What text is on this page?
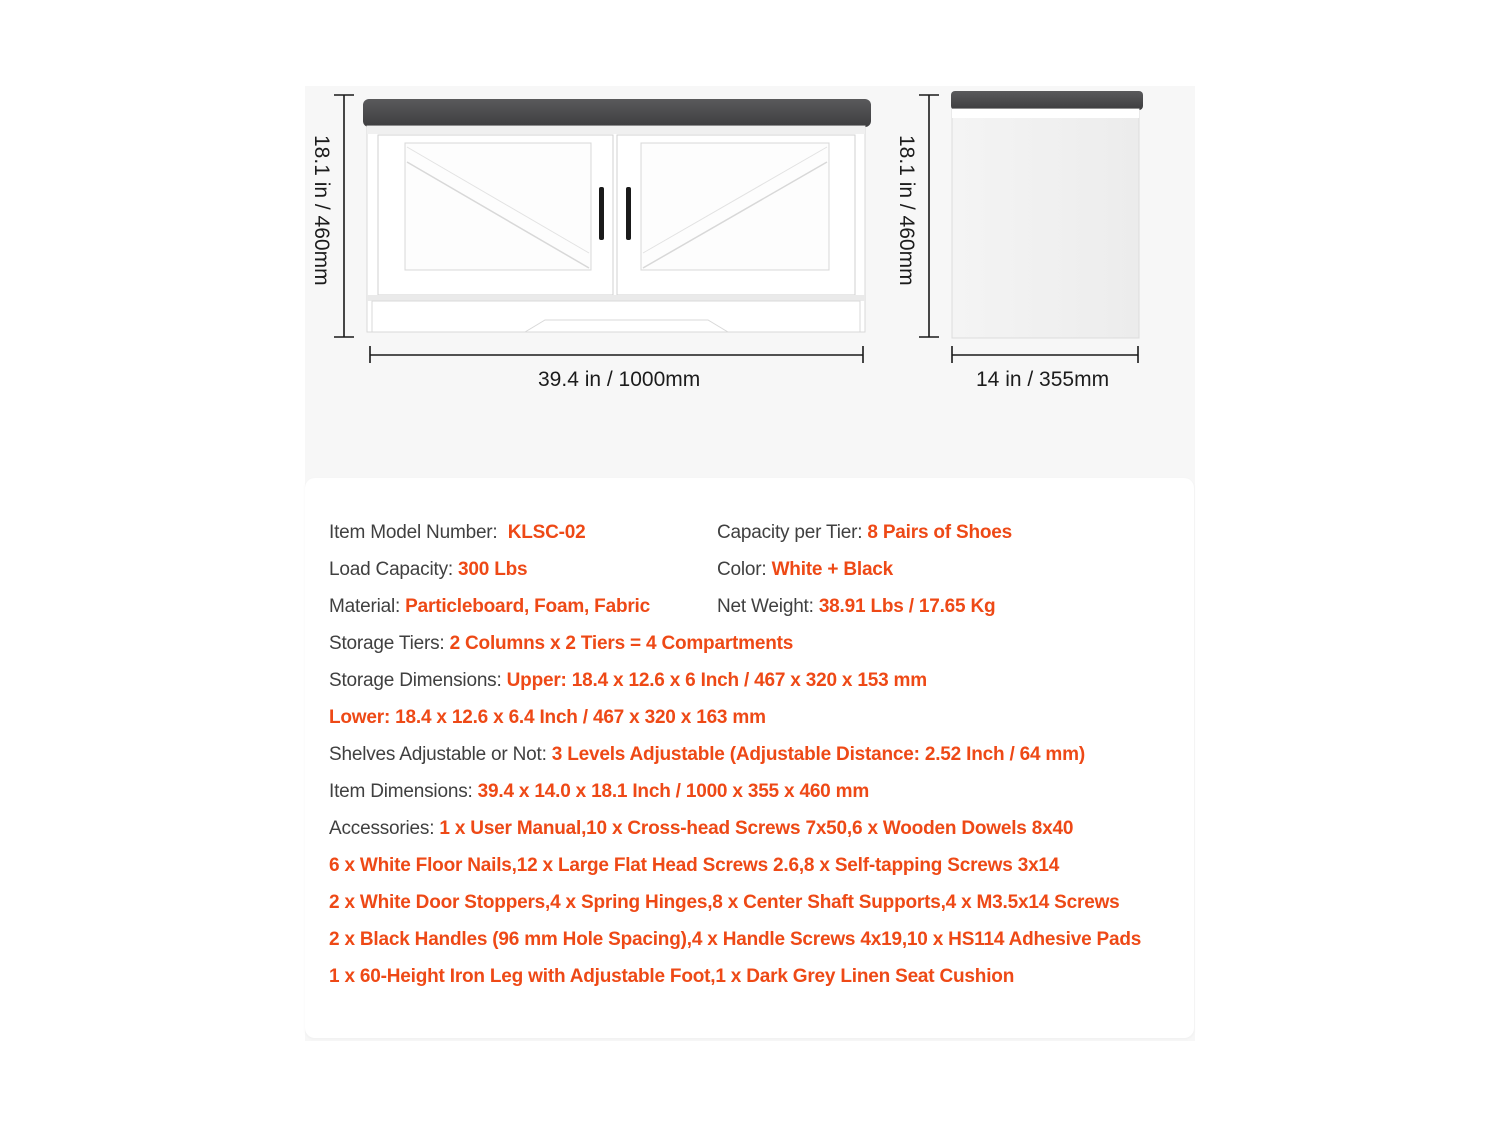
18.1 in / 460mm
39.4 in / 1000mm
18.1 in / 460mm
14 in / 355mm
Item Model Number: KLSC-02	Capacity per Tier: 8 Pairs of Shoes
Load Capacity: 300 Lbs	Color: White + Black
Material: Particleboard, Foam, Fabric	Net Weight: 38.91 Lbs / 17.65 Kg
Storage Tiers: 2 Columns x 2 Tiers = 4 Compartments
Storage Dimensions: Upper: 18.4 x 12.6 x 6 Inch / 467 x 320 x 153 mm
Lower: 18.4 x 12.6 x 6.4 Inch / 467 x 320 x 163 mm
Shelves Adjustable or Not: 3 Levels Adjustable (Adjustable Distance: 2.52 Inch / 64 mm)
Item Dimensions: 39.4 x 14.0 x 18.1 Inch / 1000 x 355 x 460 mm
Accessories: 1 x User Manual,10 x Cross-head Screws 7x50,6 x Wooden Dowels 8x40
6 x White Floor Nails,12 x Large Flat Head Screws 2.6,8 x Self-tapping Screws 3x14
2 x White Door Stoppers,4 x Spring Hinges,8 x Center Shaft Supports,4 x M3.5x14 Screws
2 x Black Handles (96 mm Hole Spacing),4 x Handle Screws 4x19,10 x HS114 Adhesive Pads
1 x 60-Height Iron Leg with Adjustable Foot,1 x Dark Grey Linen Seat Cushion
